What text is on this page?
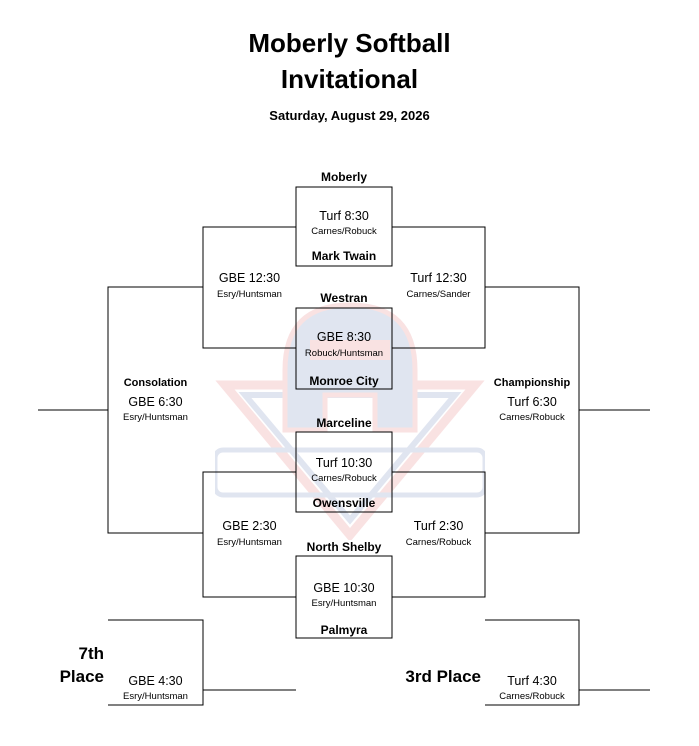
Moberly Softball
Invitational
Saturday, August 29, 2026
Moberly
Turf 8:30
Carnes/Robuck
Mark Twain
Westran
GBE 8:30
Robuck/Huntsman
Monroe City
Marceline
Turf 10:30
Carnes/Robuck
Owensville
North Shelby
GBE 10:30
Esry/Huntsman
Palmyra
GBE 12:30
Esry/Huntsman
Turf 12:30
Carnes/Sander
GBE 2:30
Esry/Huntsman
Turf 2:30
Carnes/Robuck
Consolation
GBE 6:30
Esry/Huntsman
Championship
Turf 6:30
Carnes/Robuck
7th
Place	GBE 4:30
Esry/Huntsman
3rd Place	Turf 4:30
Carnes/Robuck
